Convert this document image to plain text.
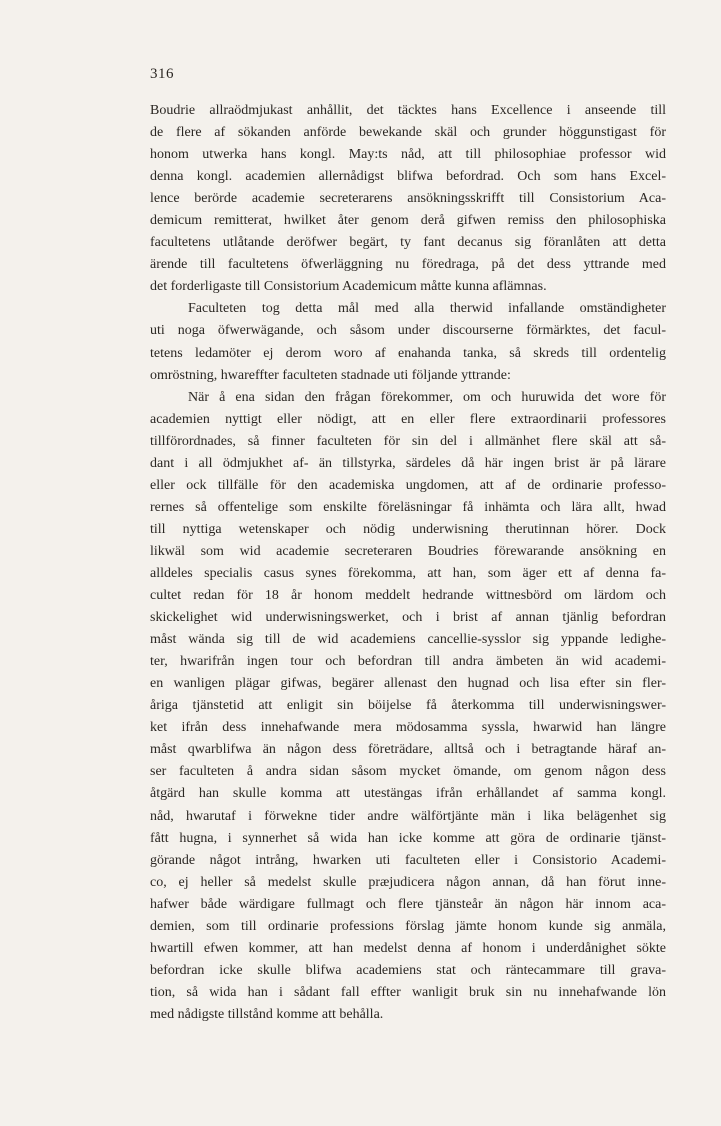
316
Boudrie allraödmjukast anhållit, det täcktes hans Excellence i anseende till
de flere af sökanden anförde bewekande skäl och grunder höggunstigast för
honom utwerka hans kongl. May:ts nåd, att till philosophiae professor wid
denna kongl. academien allernådigst blifwa befordrad. Och som hans Excel-
lence berörde academie secreterarens ansökningsskrifft till Consistorium Aca-
demicum remitterat, hwilket åter genom derå gifwen remiss den philosophiska
facultetens utlåtande deröfwer begärt, ty fant decanus sig föranlåten att detta
ärende till facultetens öfwerläggning nu föredraga, på det dess yttrande med
det forderligaste till Consistorium Academicum måtte kunna aflämnas.
Faculteten tog detta mål med alla therwid infallande omständigheter
uti noga öfwerwägande, och såsom under discourserne förmärktes, det facul-
tetens ledamöter ej derom woro af enahanda tanka, så skreds till ordentelig
omröstning, hwareffter faculteten stadnade uti följande yttrande:
När å ena sidan den frågan förekommer, om och huruwida det wore för
academien nyttigt eller nödigt, att en eller flere extraordinarii professores
tillförordnades, så finner faculteten för sin del i allmänhet flere skäl att så-
dant i all ödmjukhet af- än tillstyrka, särdeles då här ingen brist är på lärare
eller ock tillfälle för den academiska ungdomen, att af de ordinarie professo-
rernes så offentelige som enskilte föreläsningar få inhämta och lära allt, hwad
till nyttiga wetenskaper och nödig underwisning therutinnan hörer. Dock
likwäl som wid academie secreteraren Boudries förewarande ansökning en
alldeles specialis casus synes förekomma, att han, som äger ett af denna fa-
cultet redan för 18 år honom meddelt hedrande wittnesbörd om lärdom och
skickelighet wid underwisningswerket, och i brist af annan tjänlig befordran
måst wända sig till de wid academiens cancellie-sysslor sig yppande ledighe-
ter, hwarifrån ingen tour och befordran till andra ämbeten än wid academi-
en wanligen plägar gifwas, begärer allenast den hugnad och lisa efter sin fler-
åriga tjänstetid att enligit sin böijelse få återkomma till underwisningswer-
ket ifrån dess innehafwande mera mödosamma syssla, hwarwid han längre
måst qwarblifwa än någon dess företrädare, alltså och i betragtande häraf an-
ser faculteten å andra sidan såsom mycket ömande, om genom någon dess
åtgärd han skulle komma att utestängas ifrån erhållandet af samma kongl.
nåd, hwarutaf i förwekne tider andre wälförtjänte män i lika belägenhet sig
fått hugna, i synnerhet så wida han icke komme att göra de ordinarie tjänst-
görande något intrång, hwarken uti faculteten eller i Consistorio Academi-
co, ej heller så medelst skulle præjudicera någon annan, då han förut inne-
hafwer både wärdigare fullmagt och flere tjänsteår än någon här innom aca-
demien, som till ordinarie professions förslag jämte honom kunde sig anmäla,
hwartill efwen kommer, att han medelst denna af honom i underdånighet sökte
befordran icke skulle blifwa academiens stat och räntecammare till grava-
tion, så wida han i sådant fall effter wanligit bruk sin nu innehafwande lön
med nådigste tillstånd komme att behålla.
